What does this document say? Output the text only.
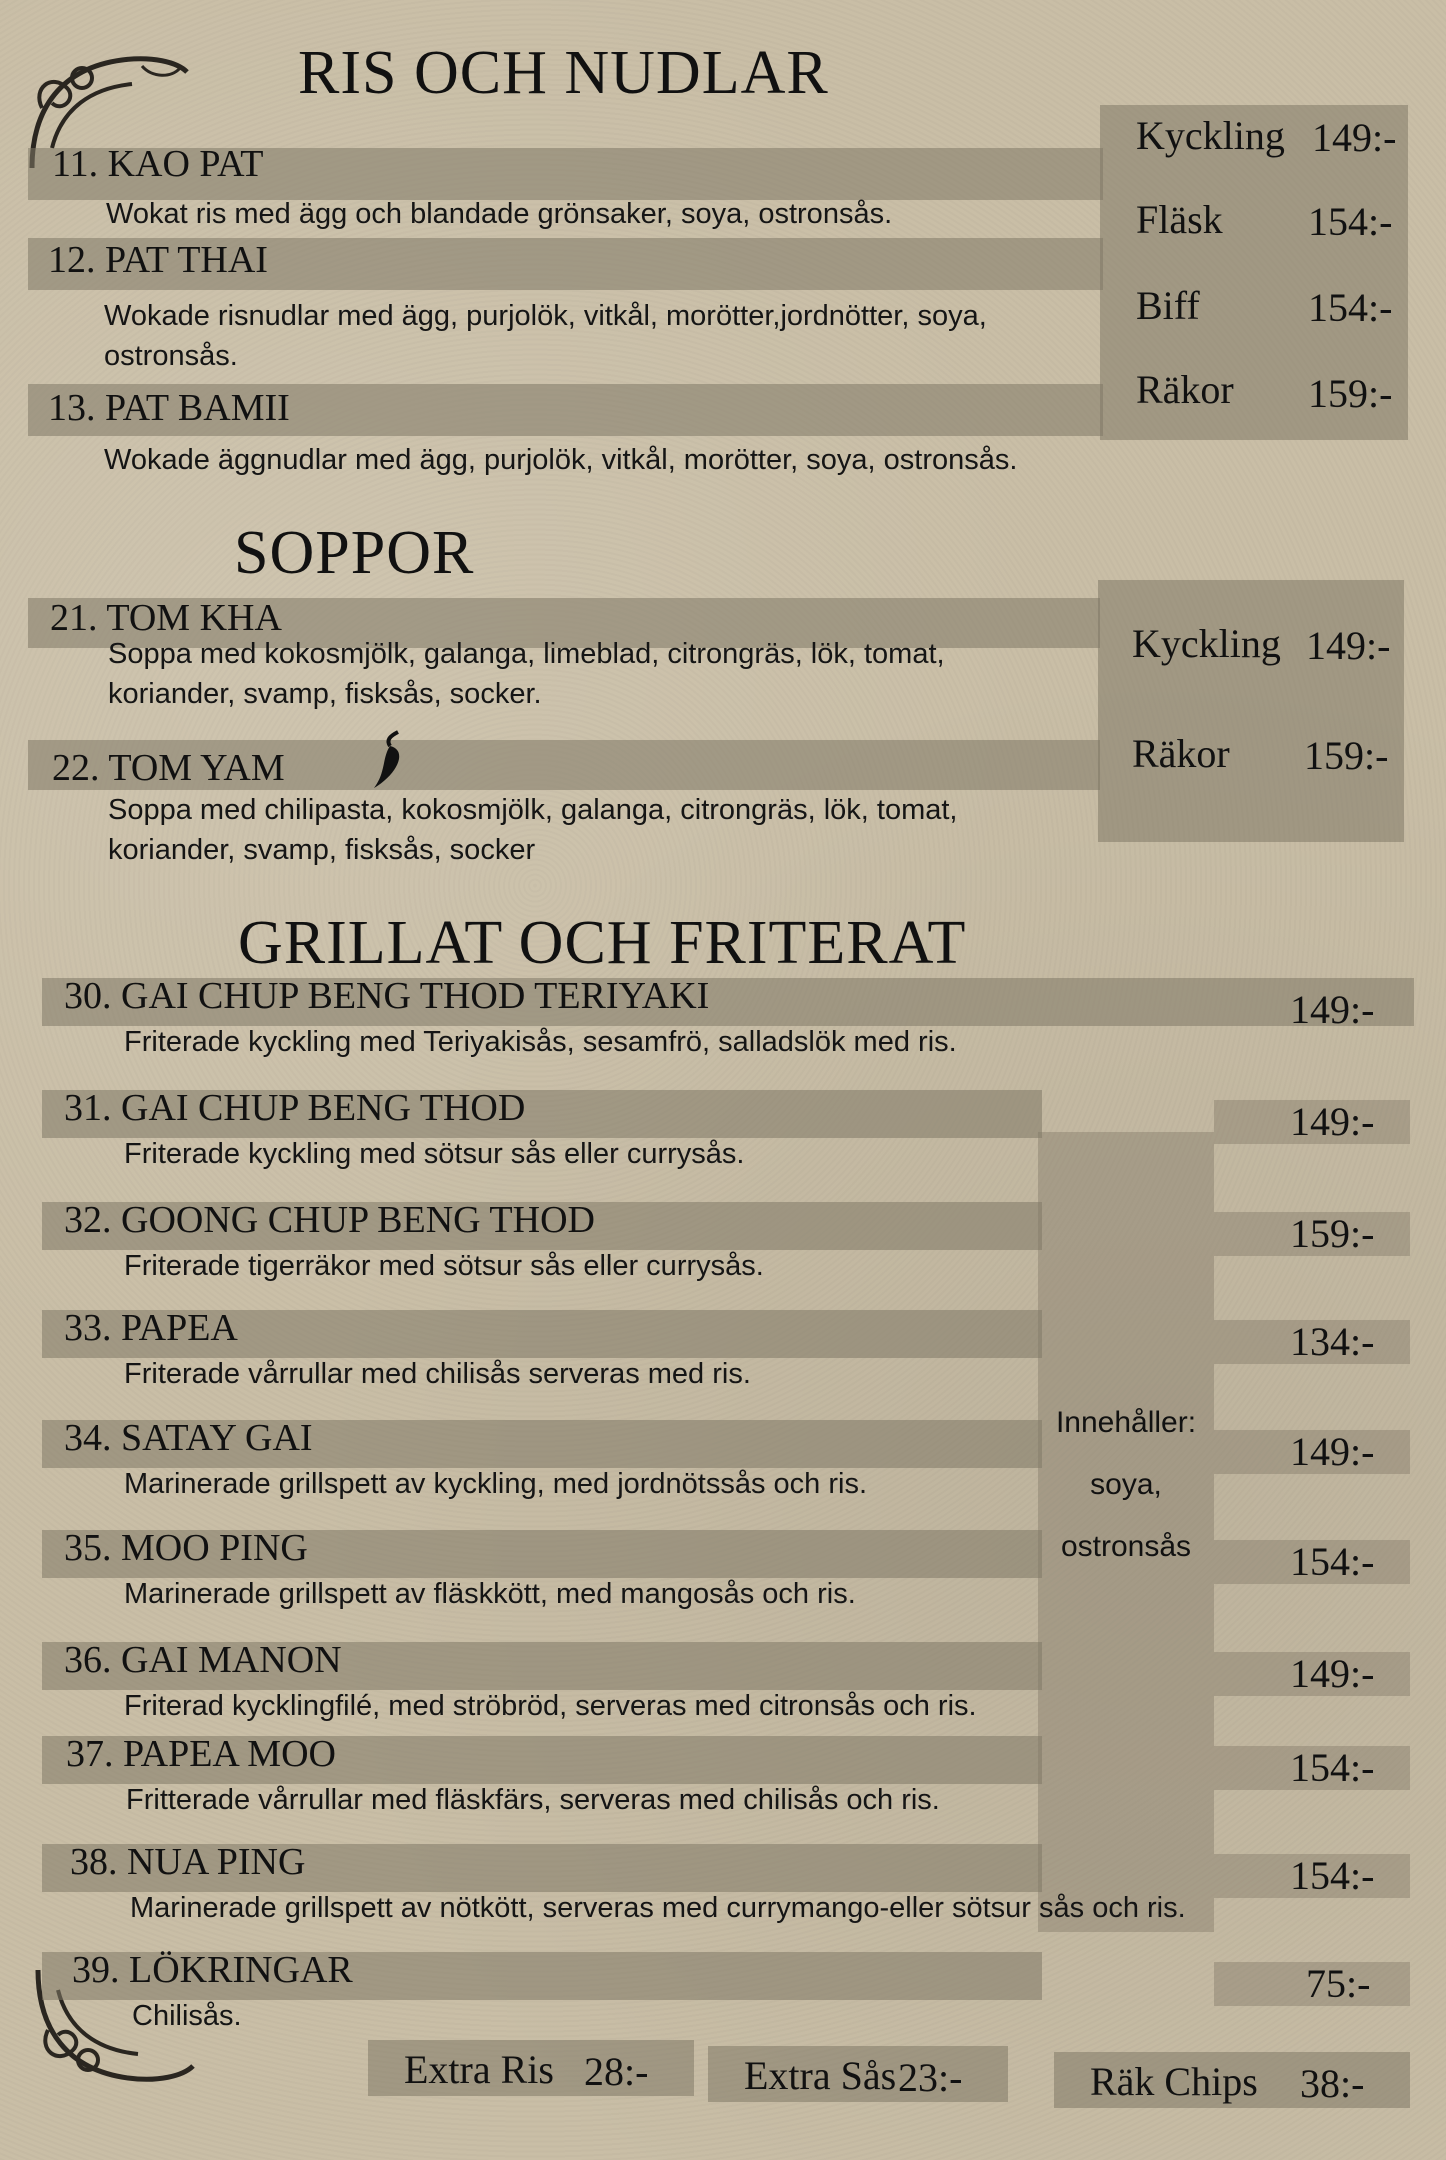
RIS OCH NUDLAR
11. KAO PAT
Wokat ris med ägg och blandade grönsaker, soya, ostronsås.
12. PAT THAI
Wokade risnudlar med ägg, purjolök, vitkål, morötter,jordnötter, soya, ostronsås.
13. PAT BAMII
Wokade äggnudlar med ägg, purjolök, vitkål, morötter, soya, ostronsås.
Kyckling 149:-
Fläsk 154:-
Biff	154:-
Räkor 159:-
SOPPOR
21. TOM KHA
Soppa med kokosmjölk, galanga, limeblad, citrongräs, lök, tomat, koriander, svamp, fisksås, socker.
22. TOM YAM
Soppa med chilipasta, kokosmjölk, galanga, citrongräs, lök, tomat, koriander, svamp, fisksås, socker
Kyckling 149:-
Räkor 159:-
GRILLAT OCH FRITERAT
Innehåller:
soya,
ostronsås
30. GAI CHUP BENG THOD TERIYAKI
Friterade kyckling med Teriyakisås, sesamfrö, salladslök med ris.
149:-
31. GAI CHUP BENG THOD
Friterade kyckling med sötsur sås eller currysås.
149:-
32. GOONG CHUP BENG THOD
Friterade tigerräkor med sötsur sås eller currysås.
159:-
33. PAPEA
Friterade vårrullar med chilisås serveras med ris.
134:-
34. SATAY GAI
Marinerade grillspett av kyckling, med jordnötssås och ris.
149:-
35. MOO PING
Marinerade grillspett av fläskkött, med mangosås och ris.
154:-
36. GAI MANON
Friterad kycklingfilé, med ströbröd, serveras med citronsås och ris.
149:-
37. PAPEA MOO
Fritterade vårrullar med fläskfärs, serveras med chilisås och ris.
154:-
38. NUA PING
Marinerade grillspett av nötkött, serveras med currymango-eller sötsur sås och ris.
154:-
39. LÖKRINGAR
Chilisås.
75:-
Extra Ris 28:- Extra Sås 23:-	Räk Chips 38:-
